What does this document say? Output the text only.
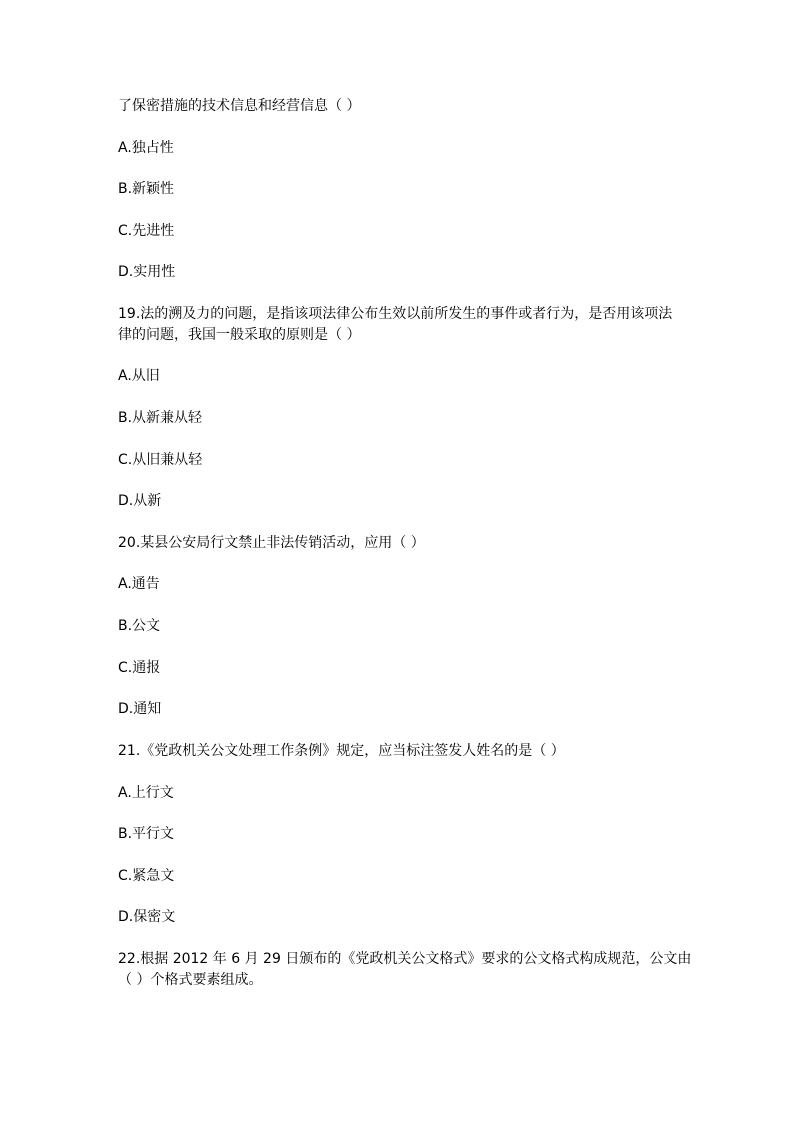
了保密措施的技术信息和经营信息（ ）
A.独占性
B.新颖性
C.先进性
D.实用性
19.法的溯及力的问题，是指该项法律公布生效以前所发生的事件或者行为，是否用该项法
律的问题，我国一般采取的原则是（ ）
A.从旧
B.从新兼从轻
C.从旧兼从轻
D.从新
20.某县公安局行文禁止非法传销活动，应用（ ）
A.通告
B.公文
C.通报
D.通知
21.《党政机关公文处理工作条例》规定，应当标注签发人姓名的是（ ）
A.上行文
B.平行文
C.紧急文
D.保密文
22.根据 2012 年 6 月 29 日颁布的《党政机关公文格式》要求的公文格式构成规范，公文由
（ ）个格式要素组成。
